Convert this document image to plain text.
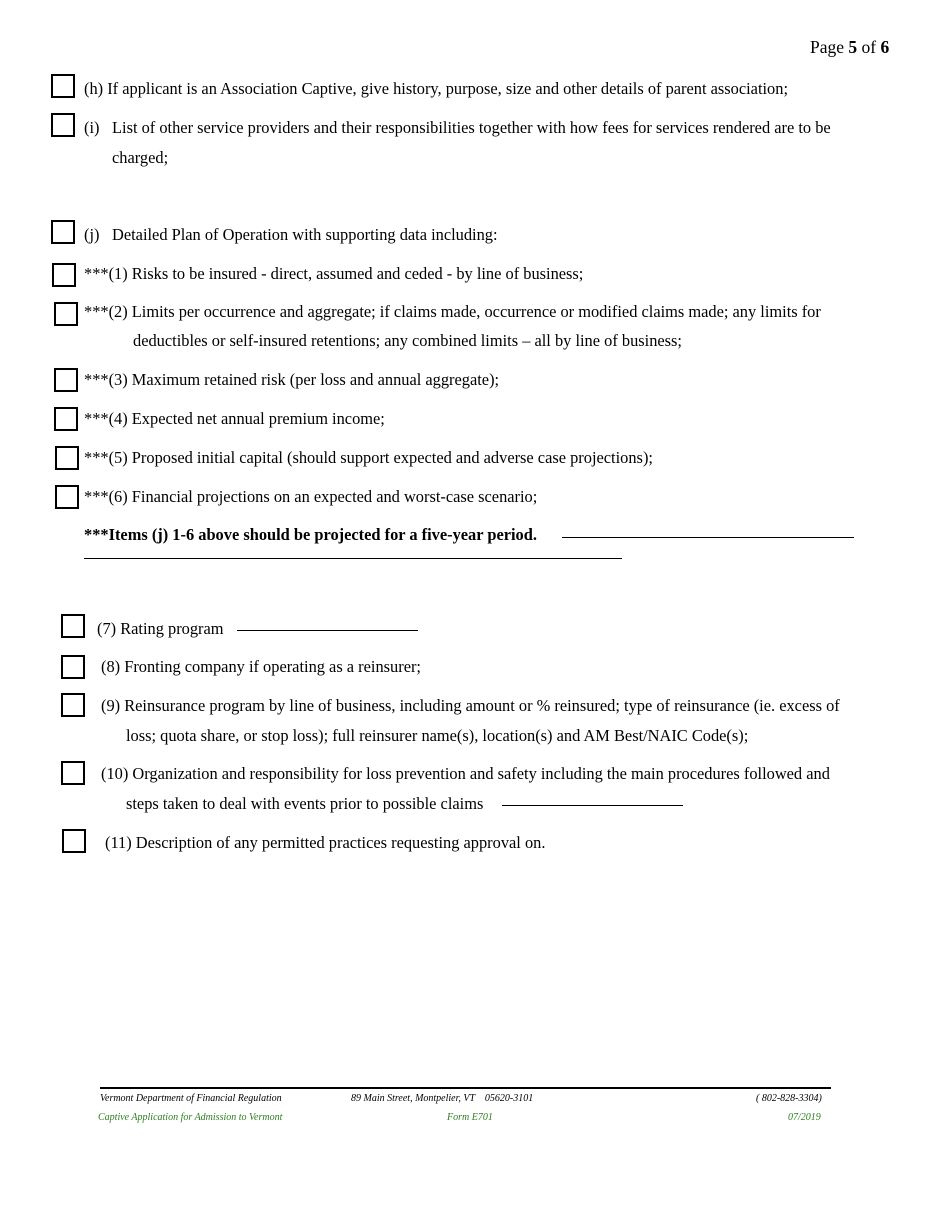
Page 5 of 6
(h) If applicant is an Association Captive, give history, purpose, size and other details of parent association;
(i) List of other service providers and their responsibilities together with how fees for services rendered are to be
charged;
(j) Detailed Plan of Operation with supporting data including:
***(1) Risks to be insured - direct, assumed and ceded - by line of business;
***(2) Limits per occurrence and aggregate; if claims made, occurrence or modified claims made; any limits for
deductibles or self-insured retentions; any combined limits – all by line of business;
***(3) Maximum retained risk (per loss and annual aggregate);
***(4) Expected net annual premium income;
***(5) Proposed initial capital (should support expected and adverse case projections);
***(6) Financial projections on an expected and worst-case scenario;
***Items (j) 1-6 above should be projected for a five-year period.
(7) Rating program
(8) Fronting company if operating as a reinsurer;
(9) Reinsurance program by line of business, including amount or % reinsured; type of reinsurance (ie. excess of
loss; quota share, or stop loss); full reinsurer name(s), location(s) and AM Best/NAIC Code(s);
(10) Organization and responsibility for loss prevention and safety including the main procedures followed and
steps taken to deal with events prior to possible claims
(11) Description of any permitted practices requesting approval on.
Vermont Department of Financial Regulation	89 Main Street, Montpelier, VT    05620-3101	( 802-828-3304)
Captive Application for Admission to Vermont	Form E701	07/2019
